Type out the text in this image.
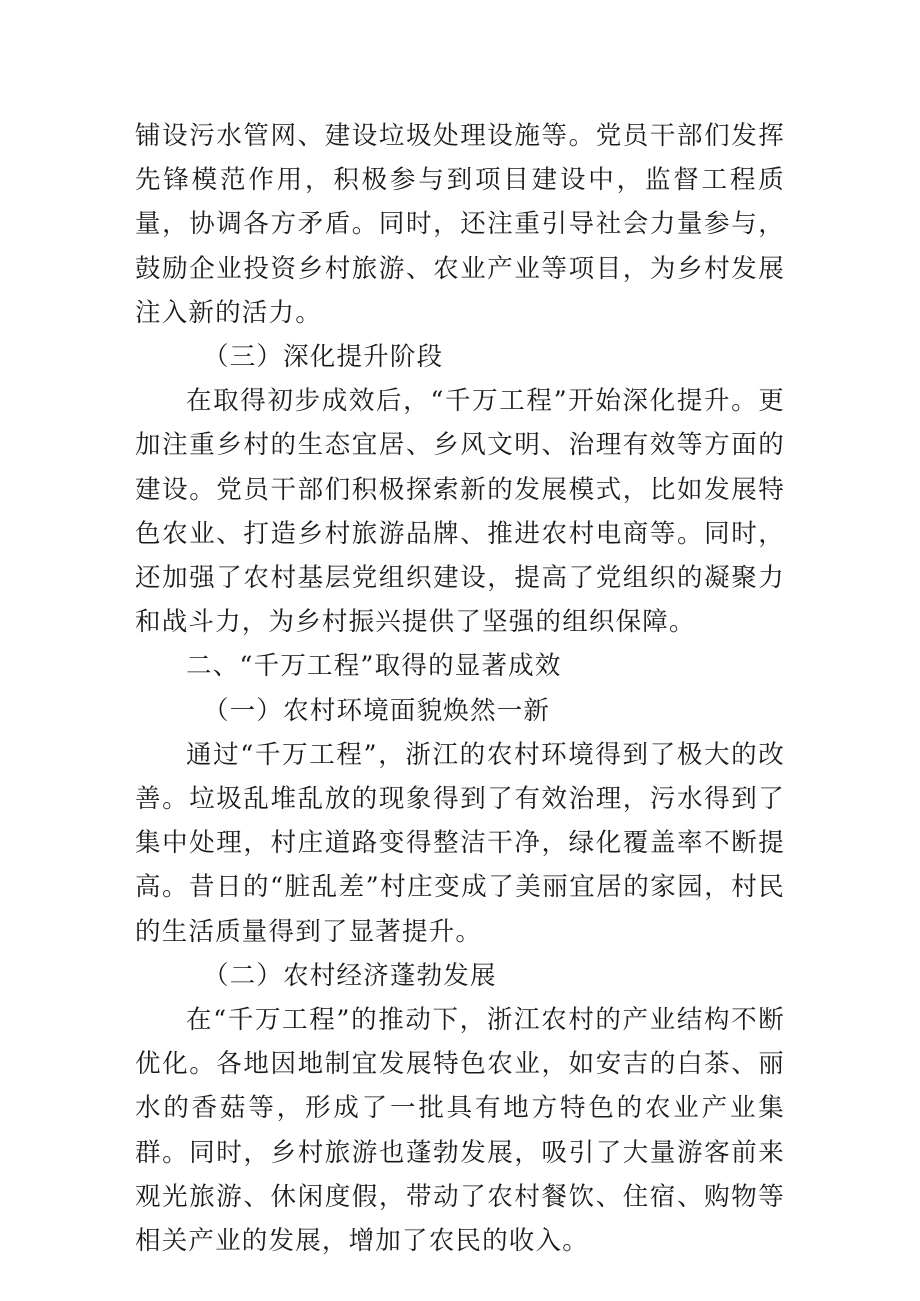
铺设污水管网、建设垃圾处理设施等。党员干部们发挥先锋模范作用，积极参与到项目建设中，监督工程质量，协调各方矛盾。同时，还注重引导社会力量参与，鼓励企业投资乡村旅游、农业产业等项目，为乡村发展注入新的活力。

（三）深化提升阶段

在取得初步成效后，“千万工程”开始深化提升。更加注重乡村的生态宜居、乡风文明、治理有效等方面的建设。党员干部们积极探索新的发展模式，比如发展特色农业、打造乡村旅游品牌、推进农村电商等。同时，还加强了农村基层党组织建设，提高了党组织的凝聚力和战斗力，为乡村振兴提供了坚强的组织保障。

二、“千万工程”取得的显著成效

（一）农村环境面貌焕然一新

通过“千万工程”，浙江的农村环境得到了极大的改善。垃圾乱堆乱放的现象得到了有效治理，污水得到了集中处理，村庄道路变得整洁干净，绿化覆盖率不断提高。昔日的“脏乱差”村庄变成了美丽宜居的家园，村民的生活质量得到了显著提升。

（二）农村经济蓬勃发展

在“千万工程”的推动下，浙江农村的产业结构不断优化。各地因地制宜发展特色农业，如安吉的白茶、丽水的香菇等，形成了一批具有地方特色的农业产业集群。同时，乡村旅游也蓬勃发展，吸引了大量游客前来观光旅游、休闲度假，带动了农村餐饮、住宿、购物等相关产业的发展，增加了农民的收入。
